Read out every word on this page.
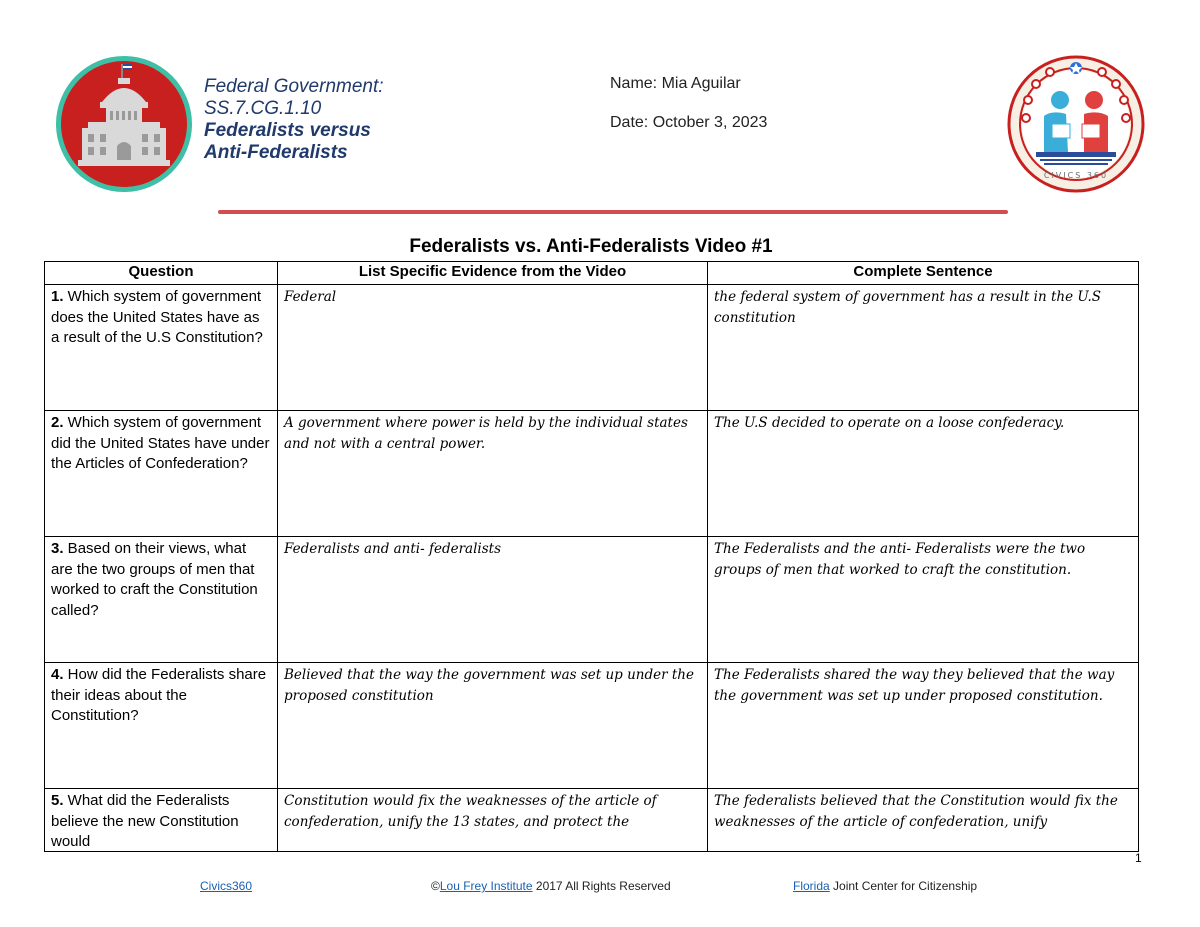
Federal Government:
SS.7.CG.1.10
Federalists versus
Anti-Federalists
Name: Mia Aguilar
Date: October 3, 2023
CIVICS 360
Federalists vs. Anti-Federalists Video #1
Question	List Specific Evidence from the Video	Complete Sentence
1. Which system of government does the United States have as a result of the U.S Constitution?	Federal	the federal system of government has a result in the U.S constitution
2. Which system of government did the United States have under the Articles of Confederation?	A government where power is held by the individual states and not with a central power.	The U.S decided to operate on a loose confederacy.
3. Based on their views, what are the two groups of men that worked to craft the Constitution called?	Federalists and anti- federalists	The Federalists and the anti- Federalists were the two groups of men that worked to craft the constitution.
4. How did the Federalists share their ideas about the Constitution?	Believed that the way the government was set up under the proposed constitution	The Federalists shared the way they believed that the way the government was set up under proposed constitution.

5. What did the Federalists believe the new Constitution would	Constitution would fix the weaknesses of the article of confederation, unify the 13 states, and protect the	The federalists believed that the Constitution would fix the weaknesses of the article of confederation, unify
1
Civics360	©Lou Frey Institute 2017 All Rights Reserved	Florida Joint Center for Citizenship
